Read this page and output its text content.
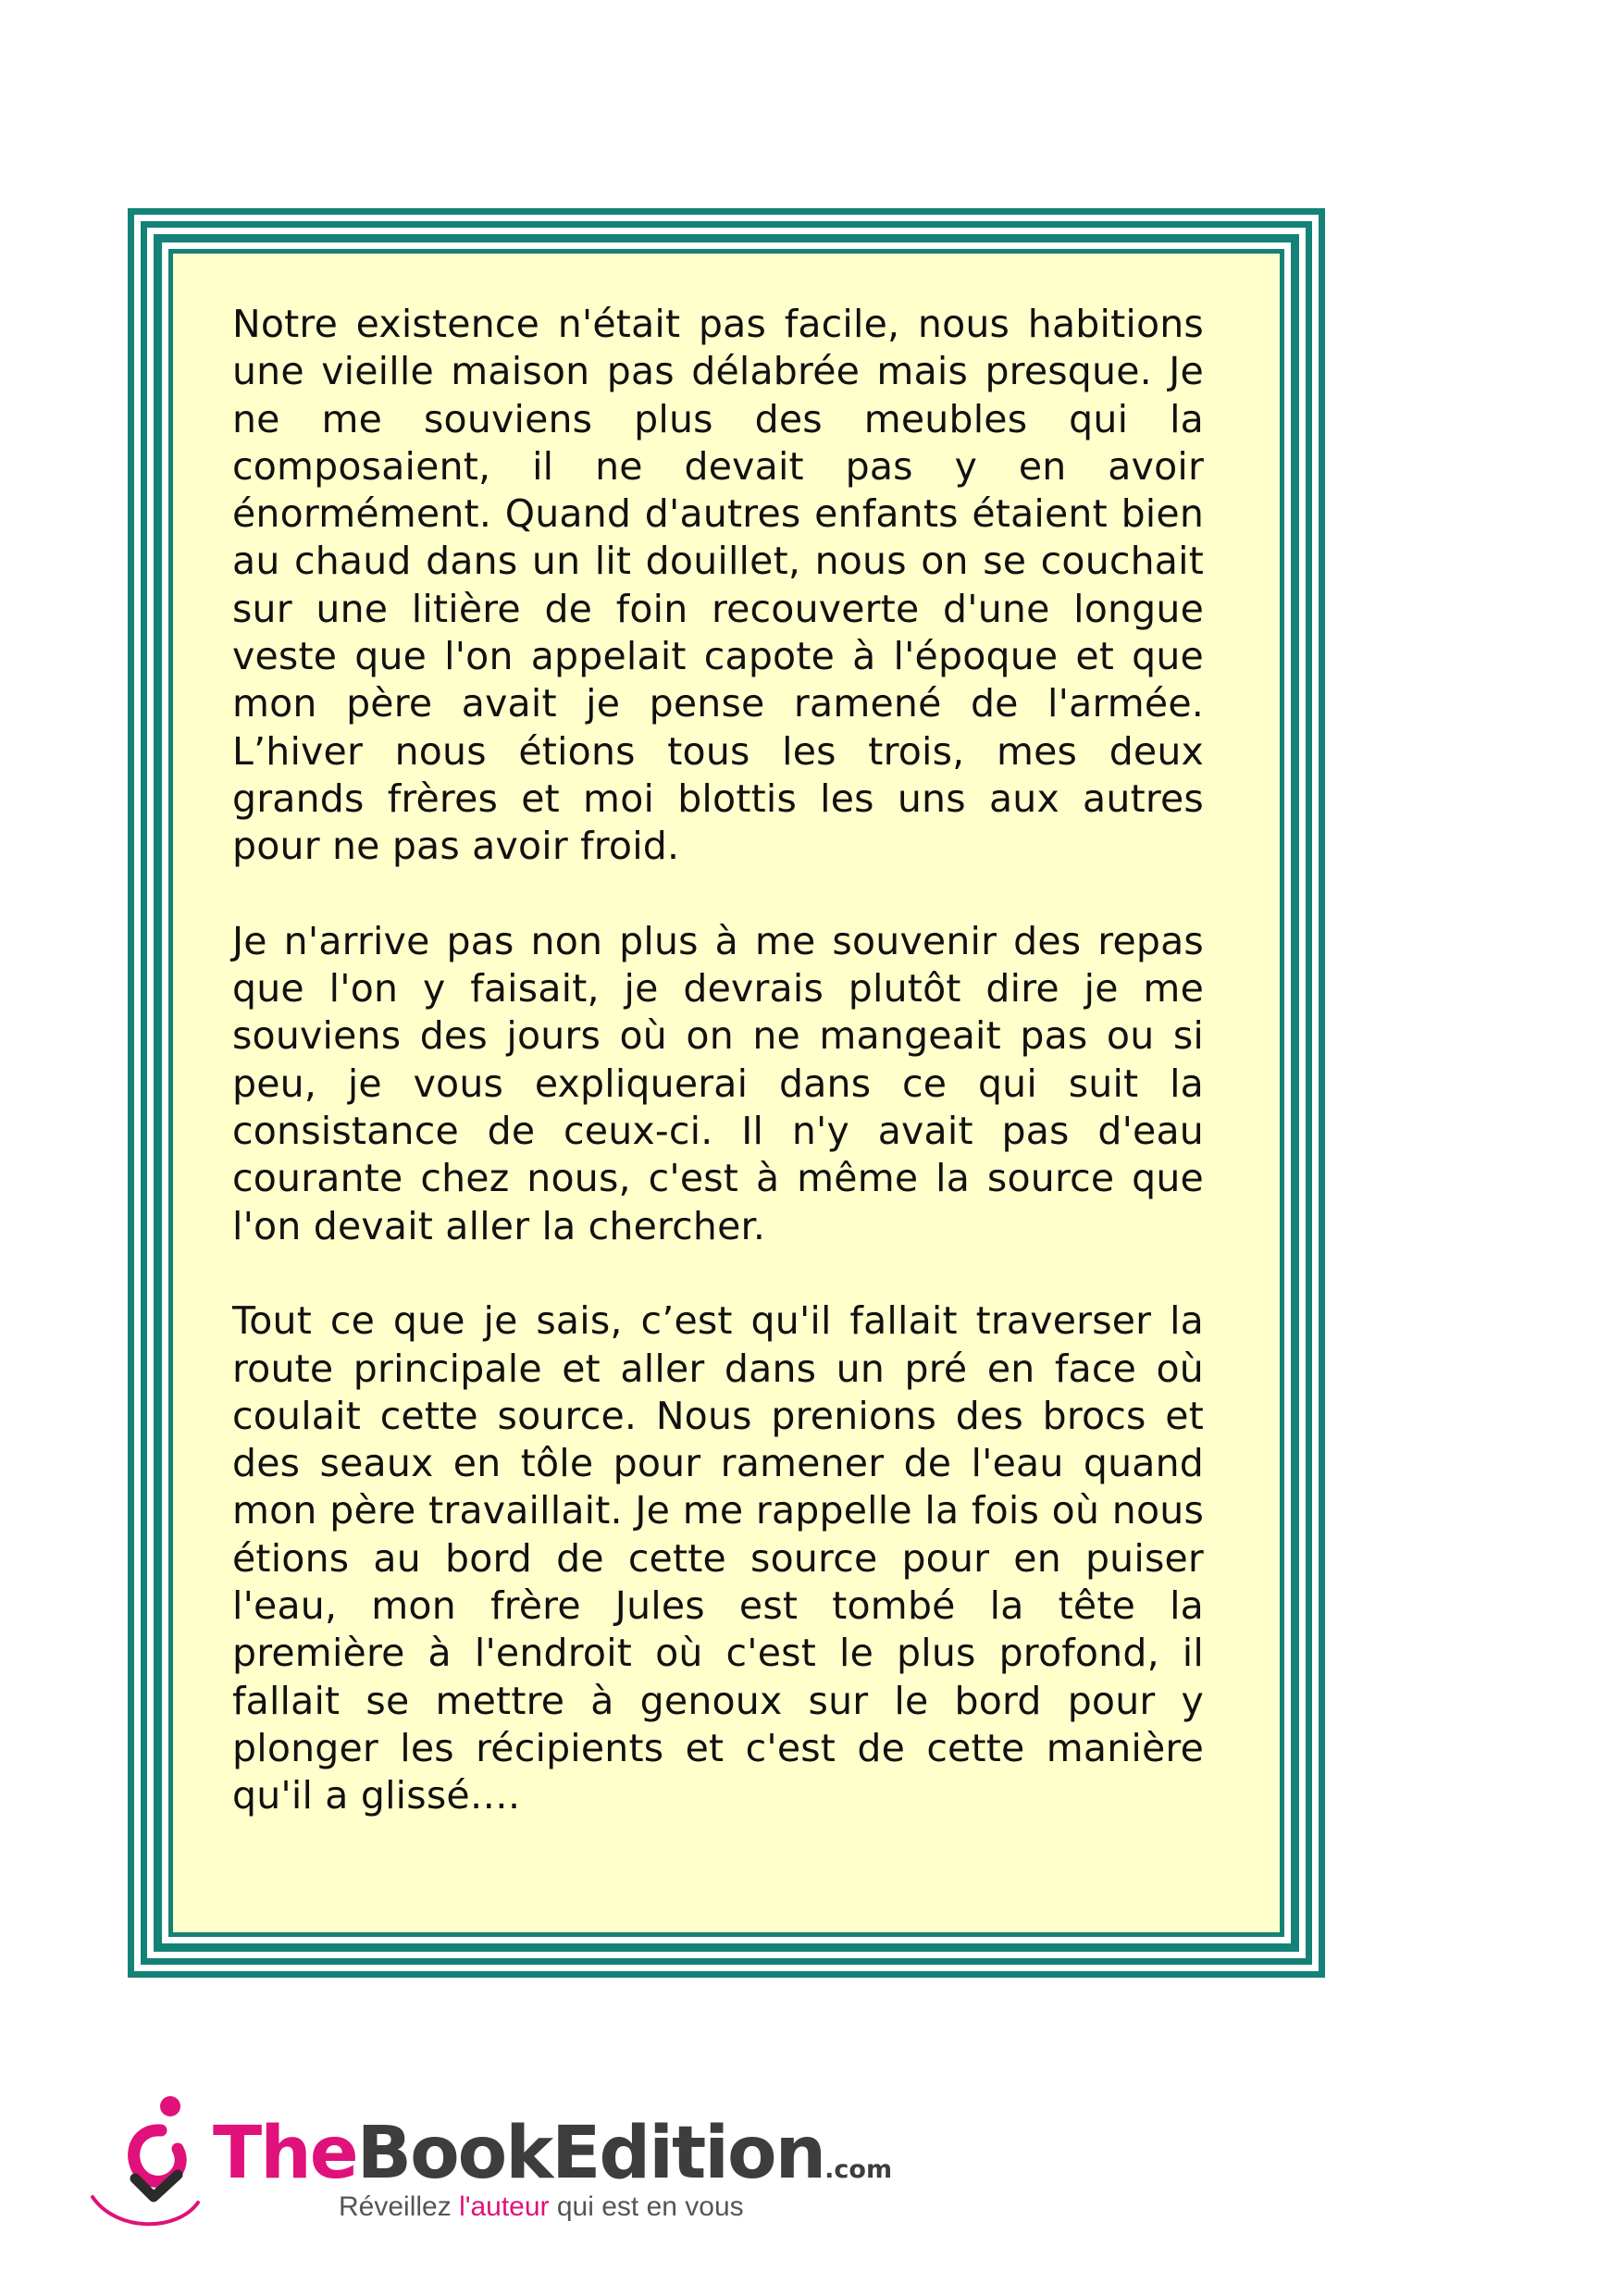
Notre existence n'était pas facile, nous habitions une vieille maison pas délabrée mais presque. Je ne me souviens plus des meubles qui la composaient, il ne devait pas y en avoir énormément. Quand d'autres enfants étaient bien au chaud dans un lit douillet, nous on se couchait sur une litière de foin recouverte d'une longue veste que l'on appelait capote à l'époque et que mon père avait je pense ramené de l'armée. L’hiver nous étions tous les trois, mes deux grands frères et moi blottis les uns aux autres pour ne pas avoir froid.

Je n'arrive pas non plus à me souvenir des repas que l'on y faisait, je devrais plutôt dire je me souviens des jours où on ne mangeait pas ou si peu, je vous expliquerai dans ce qui suit la consistance de ceux-ci. Il n'y avait pas d'eau courante chez nous, c'est à même la source que l'on devait aller la chercher.

Tout ce que je sais, c’est qu'il fallait traverser la route principale et aller dans un pré en face où coulait cette source. Nous prenions des brocs et des seaux en tôle pour ramener de l'eau quand mon père travaillait. Je me rappelle la fois où nous étions au bord de cette source pour en puiser l'eau, mon frère Jules est tombé la tête la première à l'endroit où c'est le plus profond, il fallait se mettre à genoux sur le bord pour y plonger les récipients et c'est de cette manière qu'il a glissé….

TheBookEdition.com
Réveillez l'auteur qui est en vous
